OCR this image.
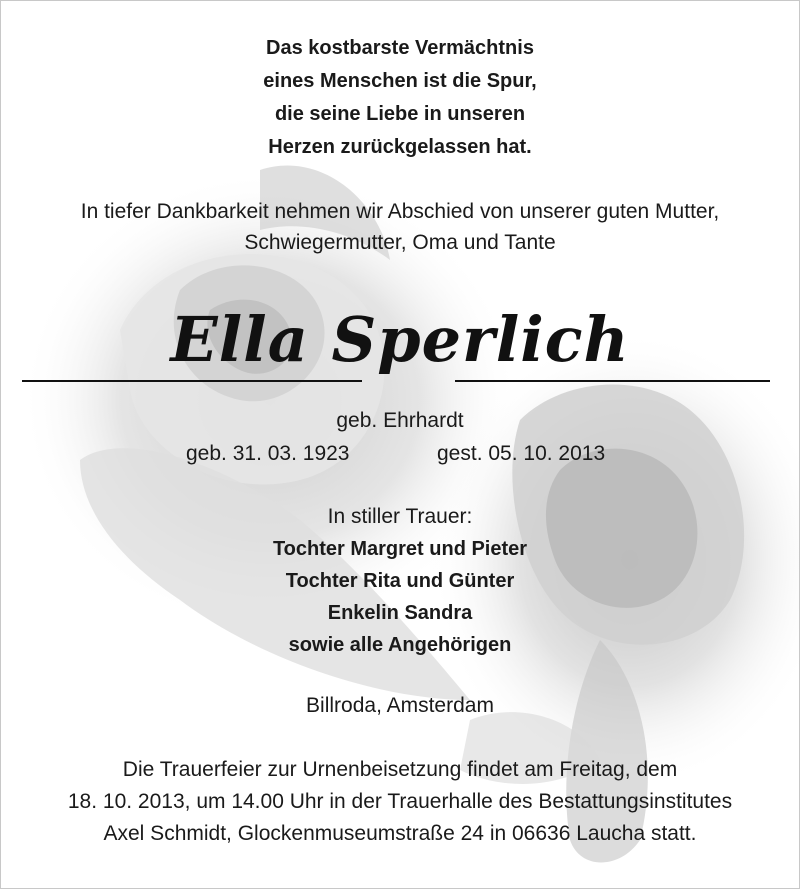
Das kostbarste Vermächtnis
eines Menschen ist die Spur,
die seine Liebe in unseren
Herzen zurückgelassen hat.
In tiefer Dankbarkeit nehmen wir Abschied von unserer guten Mutter,
Schwiegermutter, Oma und Tante
Ella Sperlich
geb. Ehrhardt
geb. 31. 03. 1923	gest. 05. 10. 2013
In stiller Trauer:
Tochter Margret und Pieter
Tochter Rita und Günter
Enkelin Sandra
sowie alle Angehörigen
Billroda, Amsterdam
Die Trauerfeier zur Urnenbeisetzung findet am Freitag, dem
18. 10. 2013, um 14.00 Uhr in der Trauerhalle des Bestattungsinstitutes
Axel Schmidt, Glockenmuseumstraße 24 in 06636 Laucha statt.
